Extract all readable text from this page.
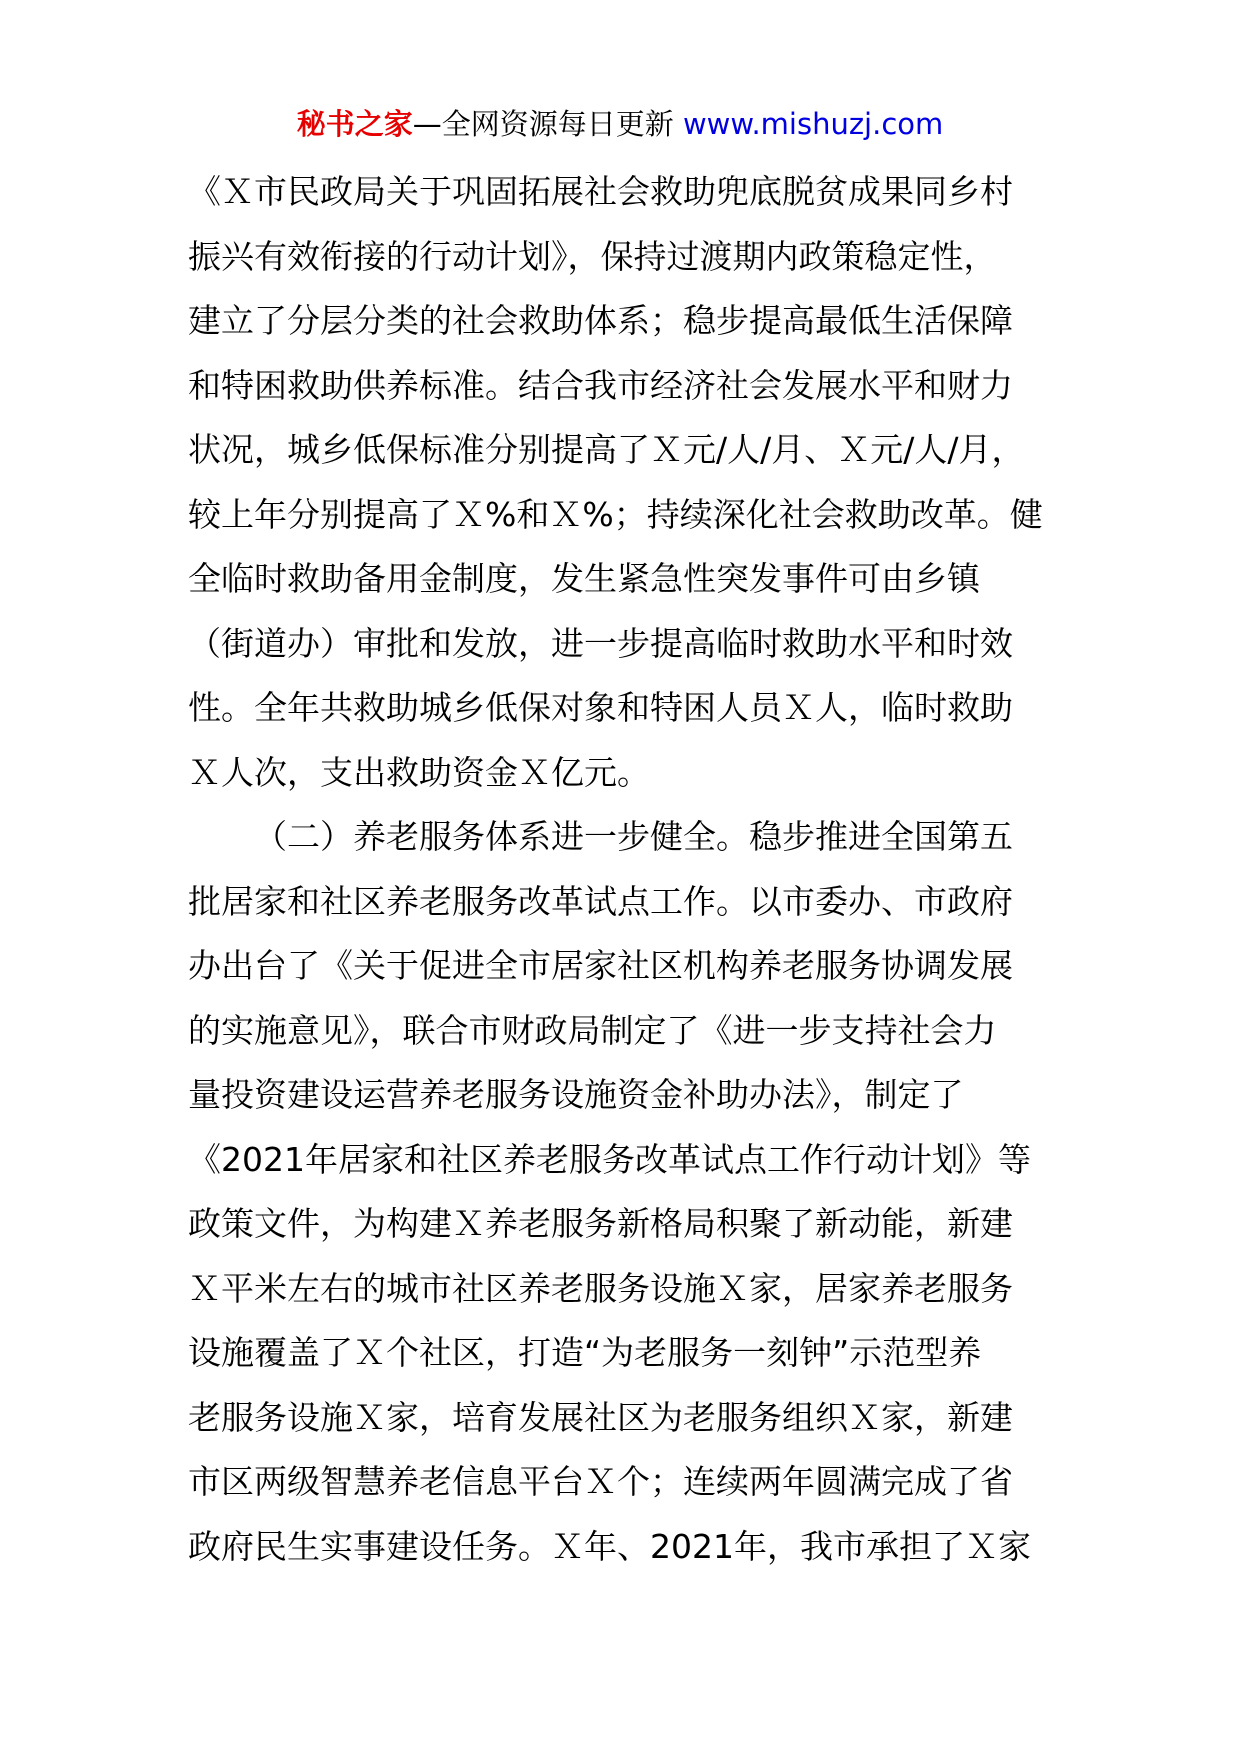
秘书之家—全网资源每日更新 www.mishuzj.com
《Ｘ市民政局关于巩固拓展社会救助兜底脱贫成果同乡村
振兴有效衔接的行动计划》，保持过渡期内政策稳定性，
建立了分层分类的社会救助体系；稳步提高最低生活保障
和特困救助供养标准。结合我市经济社会发展水平和财力
状况，城乡低保标准分别提高了Ｘ元/人/月、Ｘ元/人/月，
较上年分别提高了Ｘ%和Ｘ%；持续深化社会救助改革。健
全临时救助备用金制度，发生紧急性突发事件可由乡镇
（街道办）审批和发放，进一步提高临时救助水平和时效
性。全年共救助城乡低保对象和特困人员Ｘ人，临时救助
Ｘ人次，支出救助资金Ｘ亿元。
（二）养老服务体系进一步健全。稳步推进全国第五
批居家和社区养老服务改革试点工作。以市委办、市政府
办出台了《关于促进全市居家社区机构养老服务协调发展
的实施意见》，联合市财政局制定了《进一步支持社会力
量投资建设运营养老服务设施资金补助办法》，制定了
《2021年居家和社区养老服务改革试点工作行动计划》等
政策文件，为构建Ｘ养老服务新格局积聚了新动能，新建
Ｘ平米左右的城市社区养老服务设施Ｘ家，居家养老服务
设施覆盖了Ｘ个社区，打造“为老服务一刻钟”示范型养
老服务设施Ｘ家，培育发展社区为老服务组织Ｘ家，新建
市区两级智慧养老信息平台Ｘ个；连续两年圆满完成了省
政府民生实事建设任务。Ｘ年、2021年，我市承担了Ｘ家
